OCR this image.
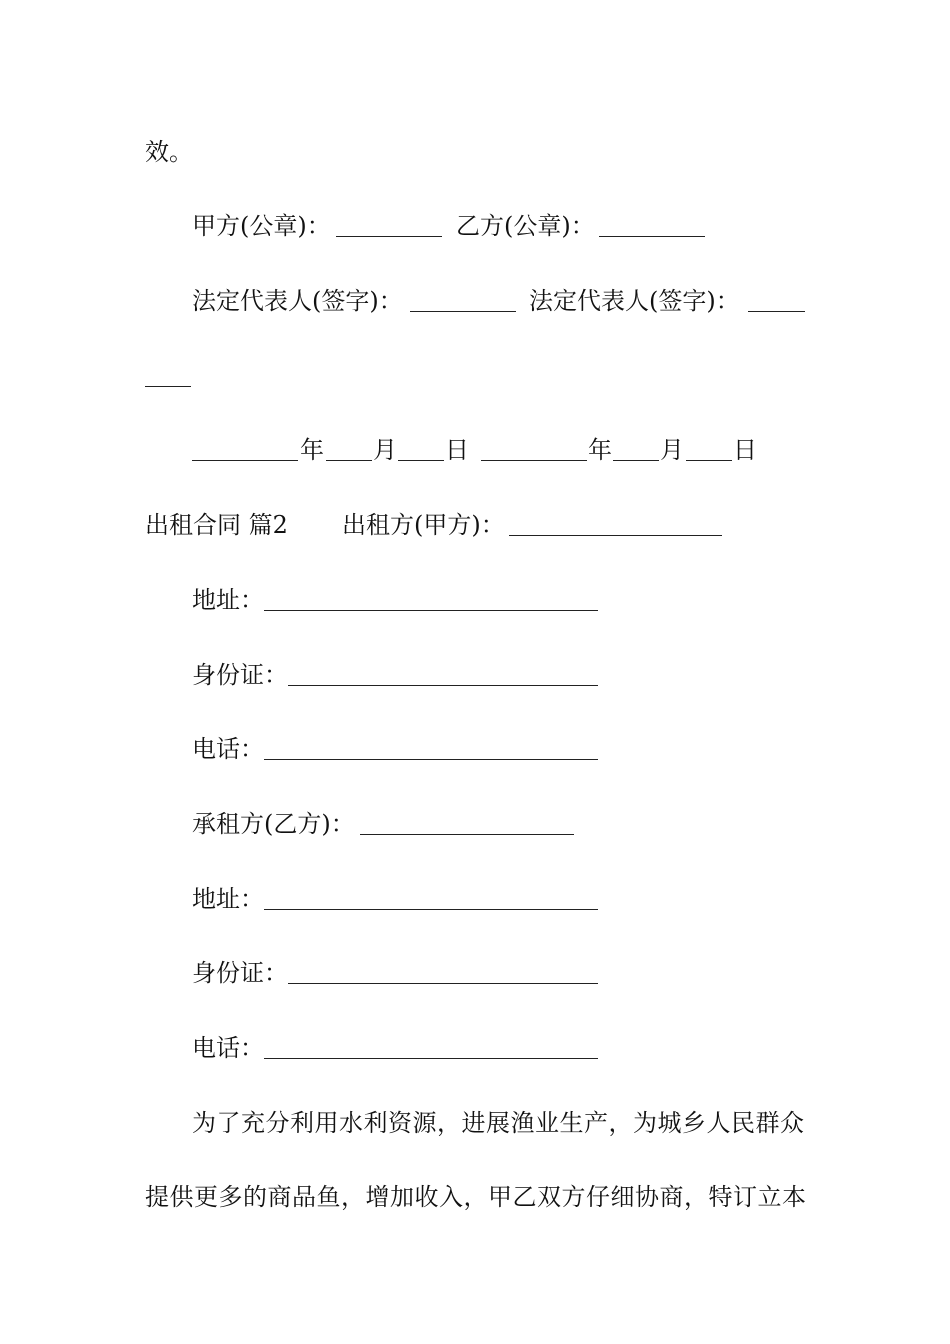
效。
甲方(公章)：	乙方(公章)：
法定代表人(签字)：	法定代表人(签字)：
年 月 日	年 月 日
出租合同 篇2 出租方(甲方)：
地址：
身份证：
电话：
承租方(乙方)：
地址：
身份证：
电话：
为了充分利用水利资源，进展渔业生产，为城乡人民群众
提供更多的商品鱼，增加收入，甲乙双方仔细协商，特订立本
